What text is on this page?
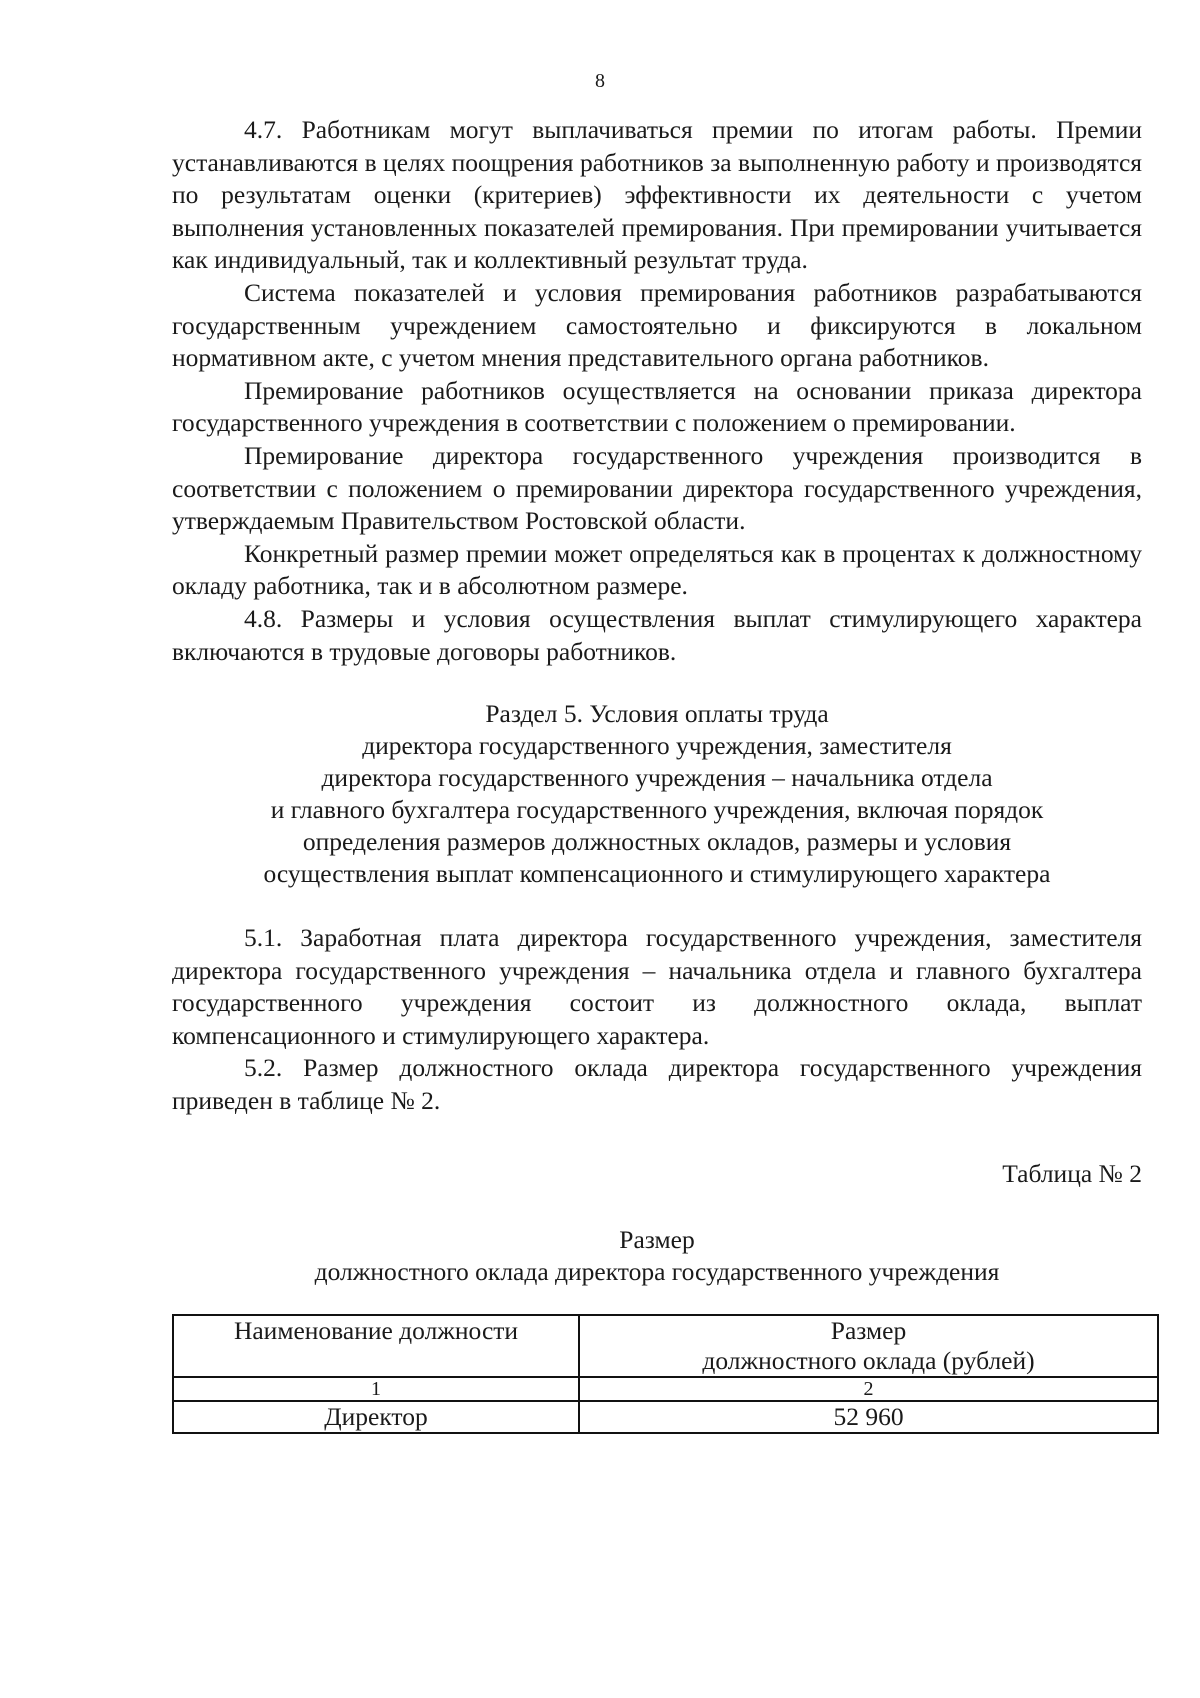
8

4.7. Работникам могут выплачиваться премии по итогам работы. Премии устанавливаются в целях поощрения работников за выполненную работу и производятся по результатам оценки (критериев) эффективности их деятельности с учетом выполнения установленных показателей премирования. При премировании учитывается как индивидуальный, так и коллективный результат труда.

Система показателей и условия премирования работников разрабатываются государственным учреждением самостоятельно и фиксируются в локальном нормативном акте, с учетом мнения представительного органа работников.

Премирование работников осуществляется на основании приказа директора государственного учреждения в соответствии с положением о премировании.

Премирование директора государственного учреждения производится в соответствии с положением о премировании директора государственного учреждения, утверждаемым Правительством Ростовской области.

Конкретный размер премии может определяться как в процентах к должностному окладу работника, так и в абсолютном размере.

4.8. Размеры и условия осуществления выплат стимулирующего характера включаются в трудовые договоры работников.

Раздел 5. Условия оплаты труда
директора государственного учреждения, заместителя
директора государственного учреждения – начальника отдела
и главного бухгалтера государственного учреждения, включая порядок
определения размеров должностных окладов, размеры и условия
осуществления выплат компенсационного и стимулирующего характера

5.1. Заработная плата директора государственного учреждения, заместителя директора государственного учреждения – начальника отдела и главного бухгалтера государственного учреждения состоит из должностного оклада, выплат компенсационного и стимулирующего характера.

5.2. Размер должностного оклада директора государственного учреждения приведен в таблице № 2.

Таблица № 2
Размер
должностного оклада директора государственного учреждения
Наименование должности	Размер
должностного оклада (рублей)

1	2
Директор	52 960
